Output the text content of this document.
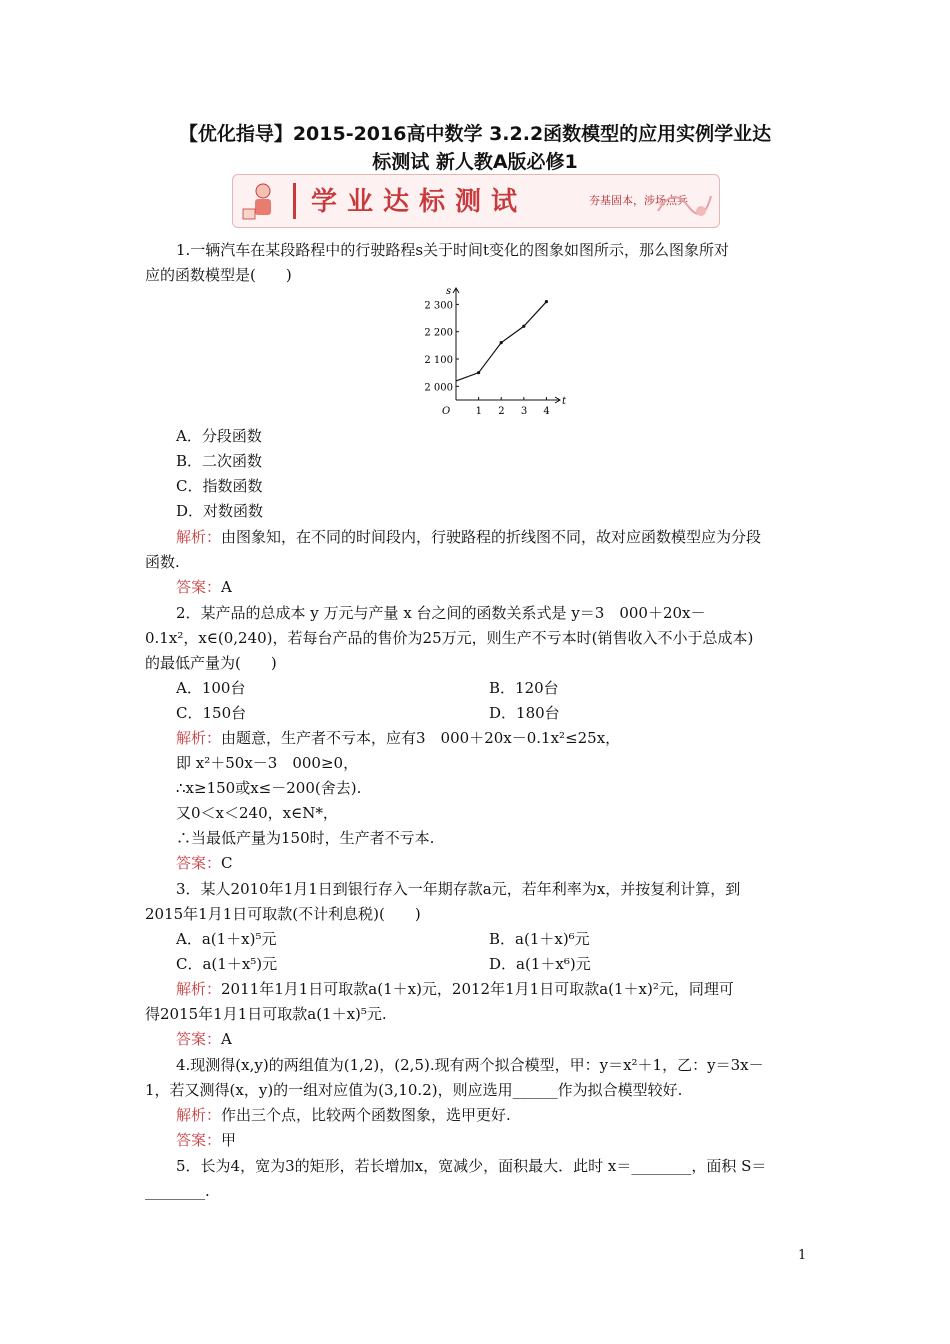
【优化指导】2015-2016高中数学 3.2.2函数模型的应用实例学业达
标测试 新人教A版必修1
学业达标测试	夯基固本，涉场点兵
1.一辆汽车在某段路程中的行驶路程s关于时间t变化的图象如图所示，那么图象所对
应的函数模型是(　　)
s
t
O	1 2 3 4
2 000
2 100
2 200
2 300
A．分段函数
B．二次函数
C．指数函数
D．对数函数
解析：由图象知，在不同的时间段内，行驶路程的折线图不同，故对应函数模型应为分段
函数.
答案：A
2．某产品的总成本 y 万元与产量 x 台之间的函数关系式是 y＝3　000＋20x－
0.1x²，x∈(0,240)，若每台产品的售价为25万元，则生产不亏本时(销售收入不小于总成本)
的最低产量为(　　)
A．100台	B．120台
C．150台	D．180台
解析：由题意，生产者不亏本，应有3　000＋20x－0.1x²≤25x，
即 x²＋50x－3　000≥0，
∴x≥150或x≤－200(舍去).
又0＜x＜240，x∈N*，
∴当最低产量为150时，生产者不亏本.
答案：C
3．某人2010年1月1日到银行存入一年期存款a元，若年利率为x，并按复利计算，到
2015年1月1日可取款(不计利息税)(　　)
A．a(1＋x)⁵元	B．a(1＋x)⁶元
C．a(1＋x⁵)元	D．a(1＋x⁶)元
解析：2011年1月1日可取款a(1＋x)元，2012年1月1日可取款a(1＋x)²元，同理可
得2015年1月1日可取款a(1＋x)⁵元.
答案：A
4.现测得(x,y)的两组值为(1,2)，(2,5).现有两个拟合模型，甲：y＝x²＋1，乙：y＝3x－
1，若又测得(x，y)的一组对应值为(3,10.2)，则应选用______作为拟合模型较好.
解析：作出三个点，比较两个函数图象，选甲更好.
答案：甲
5．长为4，宽为3的矩形，若长增加x，宽减少，面积最大．此时 x＝________，面积 S＝
________.
1
